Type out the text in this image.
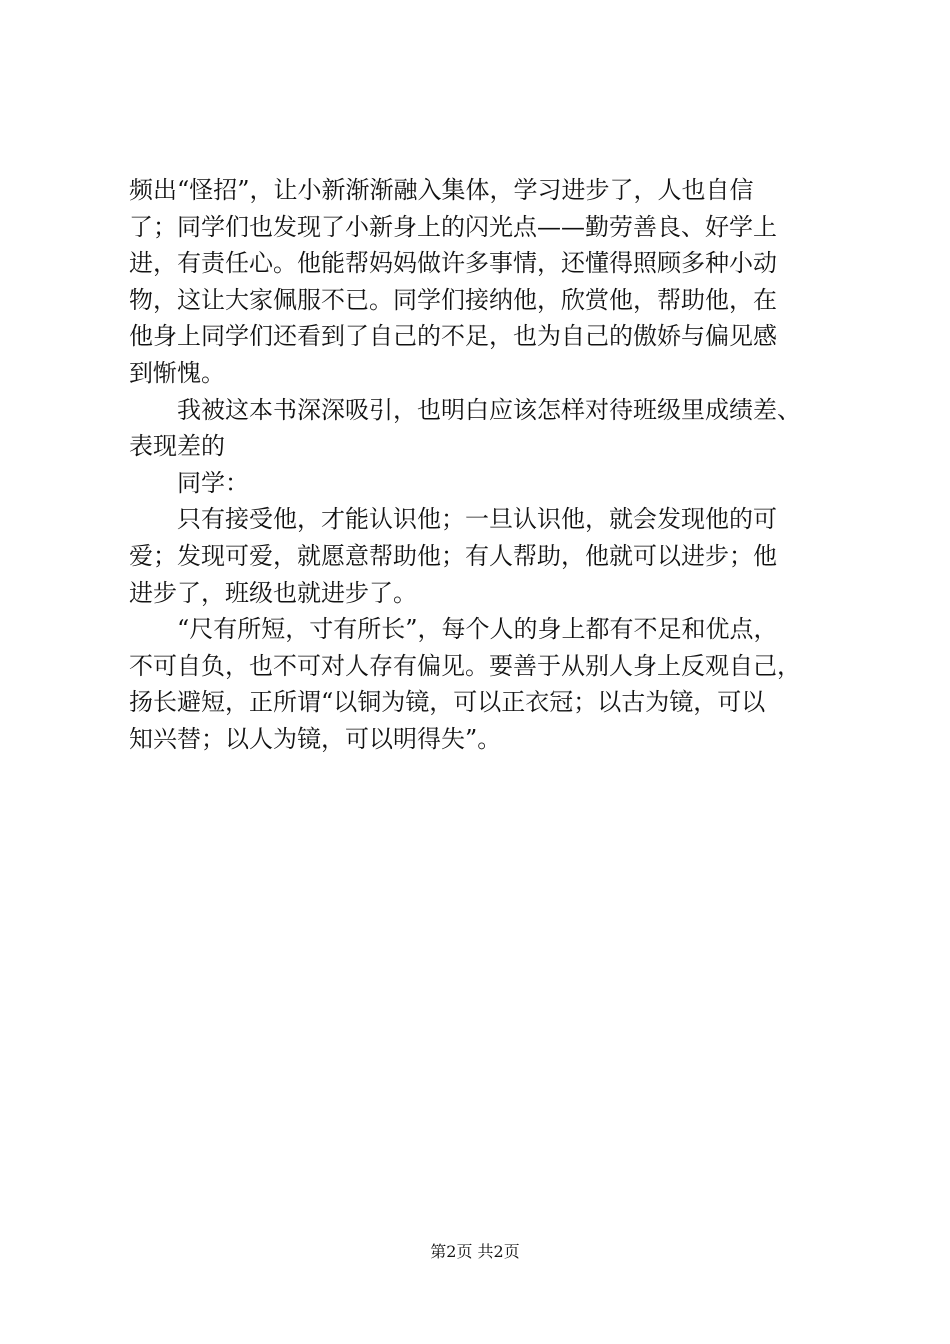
频出“怪招”，让小新渐渐融入集体，学习进步了，人也自信
了；同学们也发现了小新身上的闪光点——勤劳善良、好学上
进，有责任心。他能帮妈妈做许多事情，还懂得照顾多种小动
物，这让大家佩服不已。同学们接纳他，欣赏他，帮助他，在
他身上同学们还看到了自己的不足，也为自己的傲娇与偏见感
到惭愧。
我被这本书深深吸引，也明白应该怎样对待班级里成绩差、
表现差的
同学：
只有接受他，才能认识他；一旦认识他，就会发现他的可
爱；发现可爱，就愿意帮助他；有人帮助，他就可以进步；他
进步了，班级也就进步了。
“尺有所短，寸有所长”，每个人的身上都有不足和优点，
不可自负，也不可对人存有偏见。要善于从别人身上反观自己，
扬长避短，正所谓“以铜为镜，可以正衣冠；以古为镜，可以
知兴替；以人为镜，可以明得失”。
第2页 共2页
